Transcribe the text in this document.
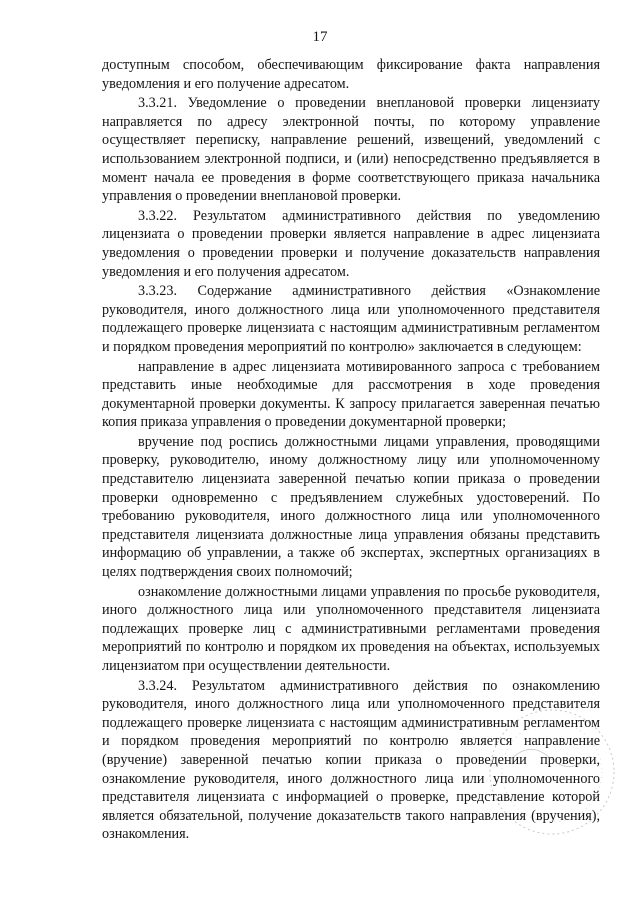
17

доступным способом, обеспечивающим фиксирование факта направления уведомления и его получение адресатом.

3.3.21. Уведомление о проведении внеплановой проверки лицензиату направляется по адресу электронной почты, по которому управление осуществляет переписку, направление решений, извещений, уведомлений с использованием электронной подписи, и (или) непосредственно предъявляется в момент начала ее проведения в форме соответствующего приказа начальника управления о проведении внеплановой проверки.

3.3.22. Результатом административного действия по уведомлению лицензиата о проведении проверки является направление в адрес лицензиата уведомления о проведении проверки и получение доказательств направления уведомления и его получения адресатом.

3.3.23. Содержание административного действия «Ознакомление руководителя, иного должностного лица или уполномоченного представителя подлежащего проверке лицензиата с настоящим административным регламентом и порядком проведения мероприятий по контролю» заключается в следующем:

направление в адрес лицензиата мотивированного запроса с требованием представить иные необходимые для рассмотрения в ходе проведения документарной проверки документы. К запросу прилагается заверенная печатью копия приказа управления о проведении документарной проверки;

вручение под роспись должностными лицами управления, проводящими проверку, руководителю, иному должностному лицу или уполномоченному представителю лицензиата заверенной печатью копии приказа о проведении проверки одновременно с предъявлением служебных удостоверений. По требованию руководителя, иного должностного лица или уполномоченного представителя лицензиата должностные лица управления обязаны представить информацию об управлении, а также об экспертах, экспертных организациях в целях подтверждения своих полномочий;

ознакомление должностными лицами управления по просьбе руководителя, иного должностного лица или уполномоченного представителя лицензиата подлежащих проверке лиц с административными регламентами проведения мероприятий по контролю и порядком их проведения на объектах, используемых лицензиатом при осуществлении деятельности.

3.3.24. Результатом административного действия по ознакомлению руководителя, иного должностного лица или уполномоченного представителя подлежащего проверке лицензиата с настоящим административным регламентом и порядком проведения мероприятий по контролю является направление (вручение) заверенной печатью копии приказа о проведении проверки, ознакомление руководителя, иного должностного лица или уполномоченного представителя лицензиата с информацией о проверке, представление которой является обязательной, получение доказательств такого направления (вручения), ознакомления.
